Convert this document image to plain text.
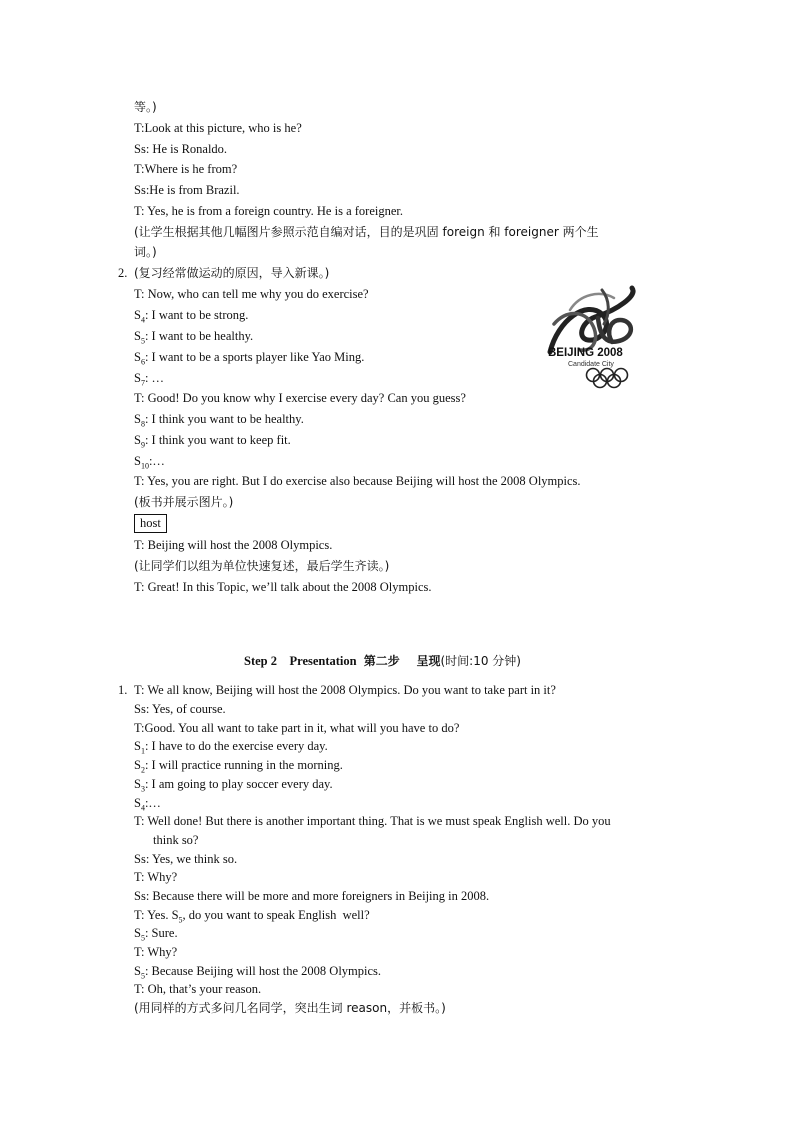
等。)
T:Look at this picture, who is he?
Ss: He is Ronaldo.
T:Where is he from?
Ss:He is from Brazil.
T: Yes, he is from a foreign country. He is a foreigner.
(让学生根据其他几幅图片参照示范自编对话，目的是巩固 foreign 和 foreigner 两个生
词。)
2. (复习经常做运动的原因，导入新课。)
T: Now, who can tell me why you do exercise?
$S_4$: I want to be strong.
$S_5$: I want to be healthy.
$S_6$: I want to be a sports player like Yao Ming.
$S_7$: …
T: Good! Do you know why I exercise every day? Can you guess?
$S_8$: I think you want to be healthy.
$S_9$: I think you want to keep fit.
$S_{10}:\dots$
T: Yes, you are right. But I do exercise also because Beijing will host the 2008 Olympics.
(板书并展示图片。)
host
T: Beijing will host the 2008 Olympics.
(让同学们以组为单位快速复述，最后学生齐读。)
T: Great! In this Topic, we’ll talk about the 2008 Olympics.
BEIJING 2008
Candidate City
Step 2    Presentation 第二步    呈现(时间:10 分钟)
1. T: We all know, Beijing will host the 2008 Olympics. Do you want to take part in it?
Ss: Yes, of course.
T:Good. You all want to take part in it, what will you have to do?
$S_1$: I have to do the exercise every day.
$S_2$: I will practice running in the morning.
$S_3$: I am going to play soccer every day.
$S_4:\dots$
T: Well done! But there is another important thing. That is we must speak English well. Do you
think so?
Ss: Yes, we think so.
T: Why?
Ss: Because there will be more and more foreigners in Beijing in 2008.
T: Yes. $S_5$, do you want to speak English  well?
$S_5$: Sure.
T: Why?
$S_5$: Because Beijing will host the 2008 Olympics.
T: Oh, that’s your reason.
(用同样的方式多问几名同学，突出生词 reason，并板书。)
